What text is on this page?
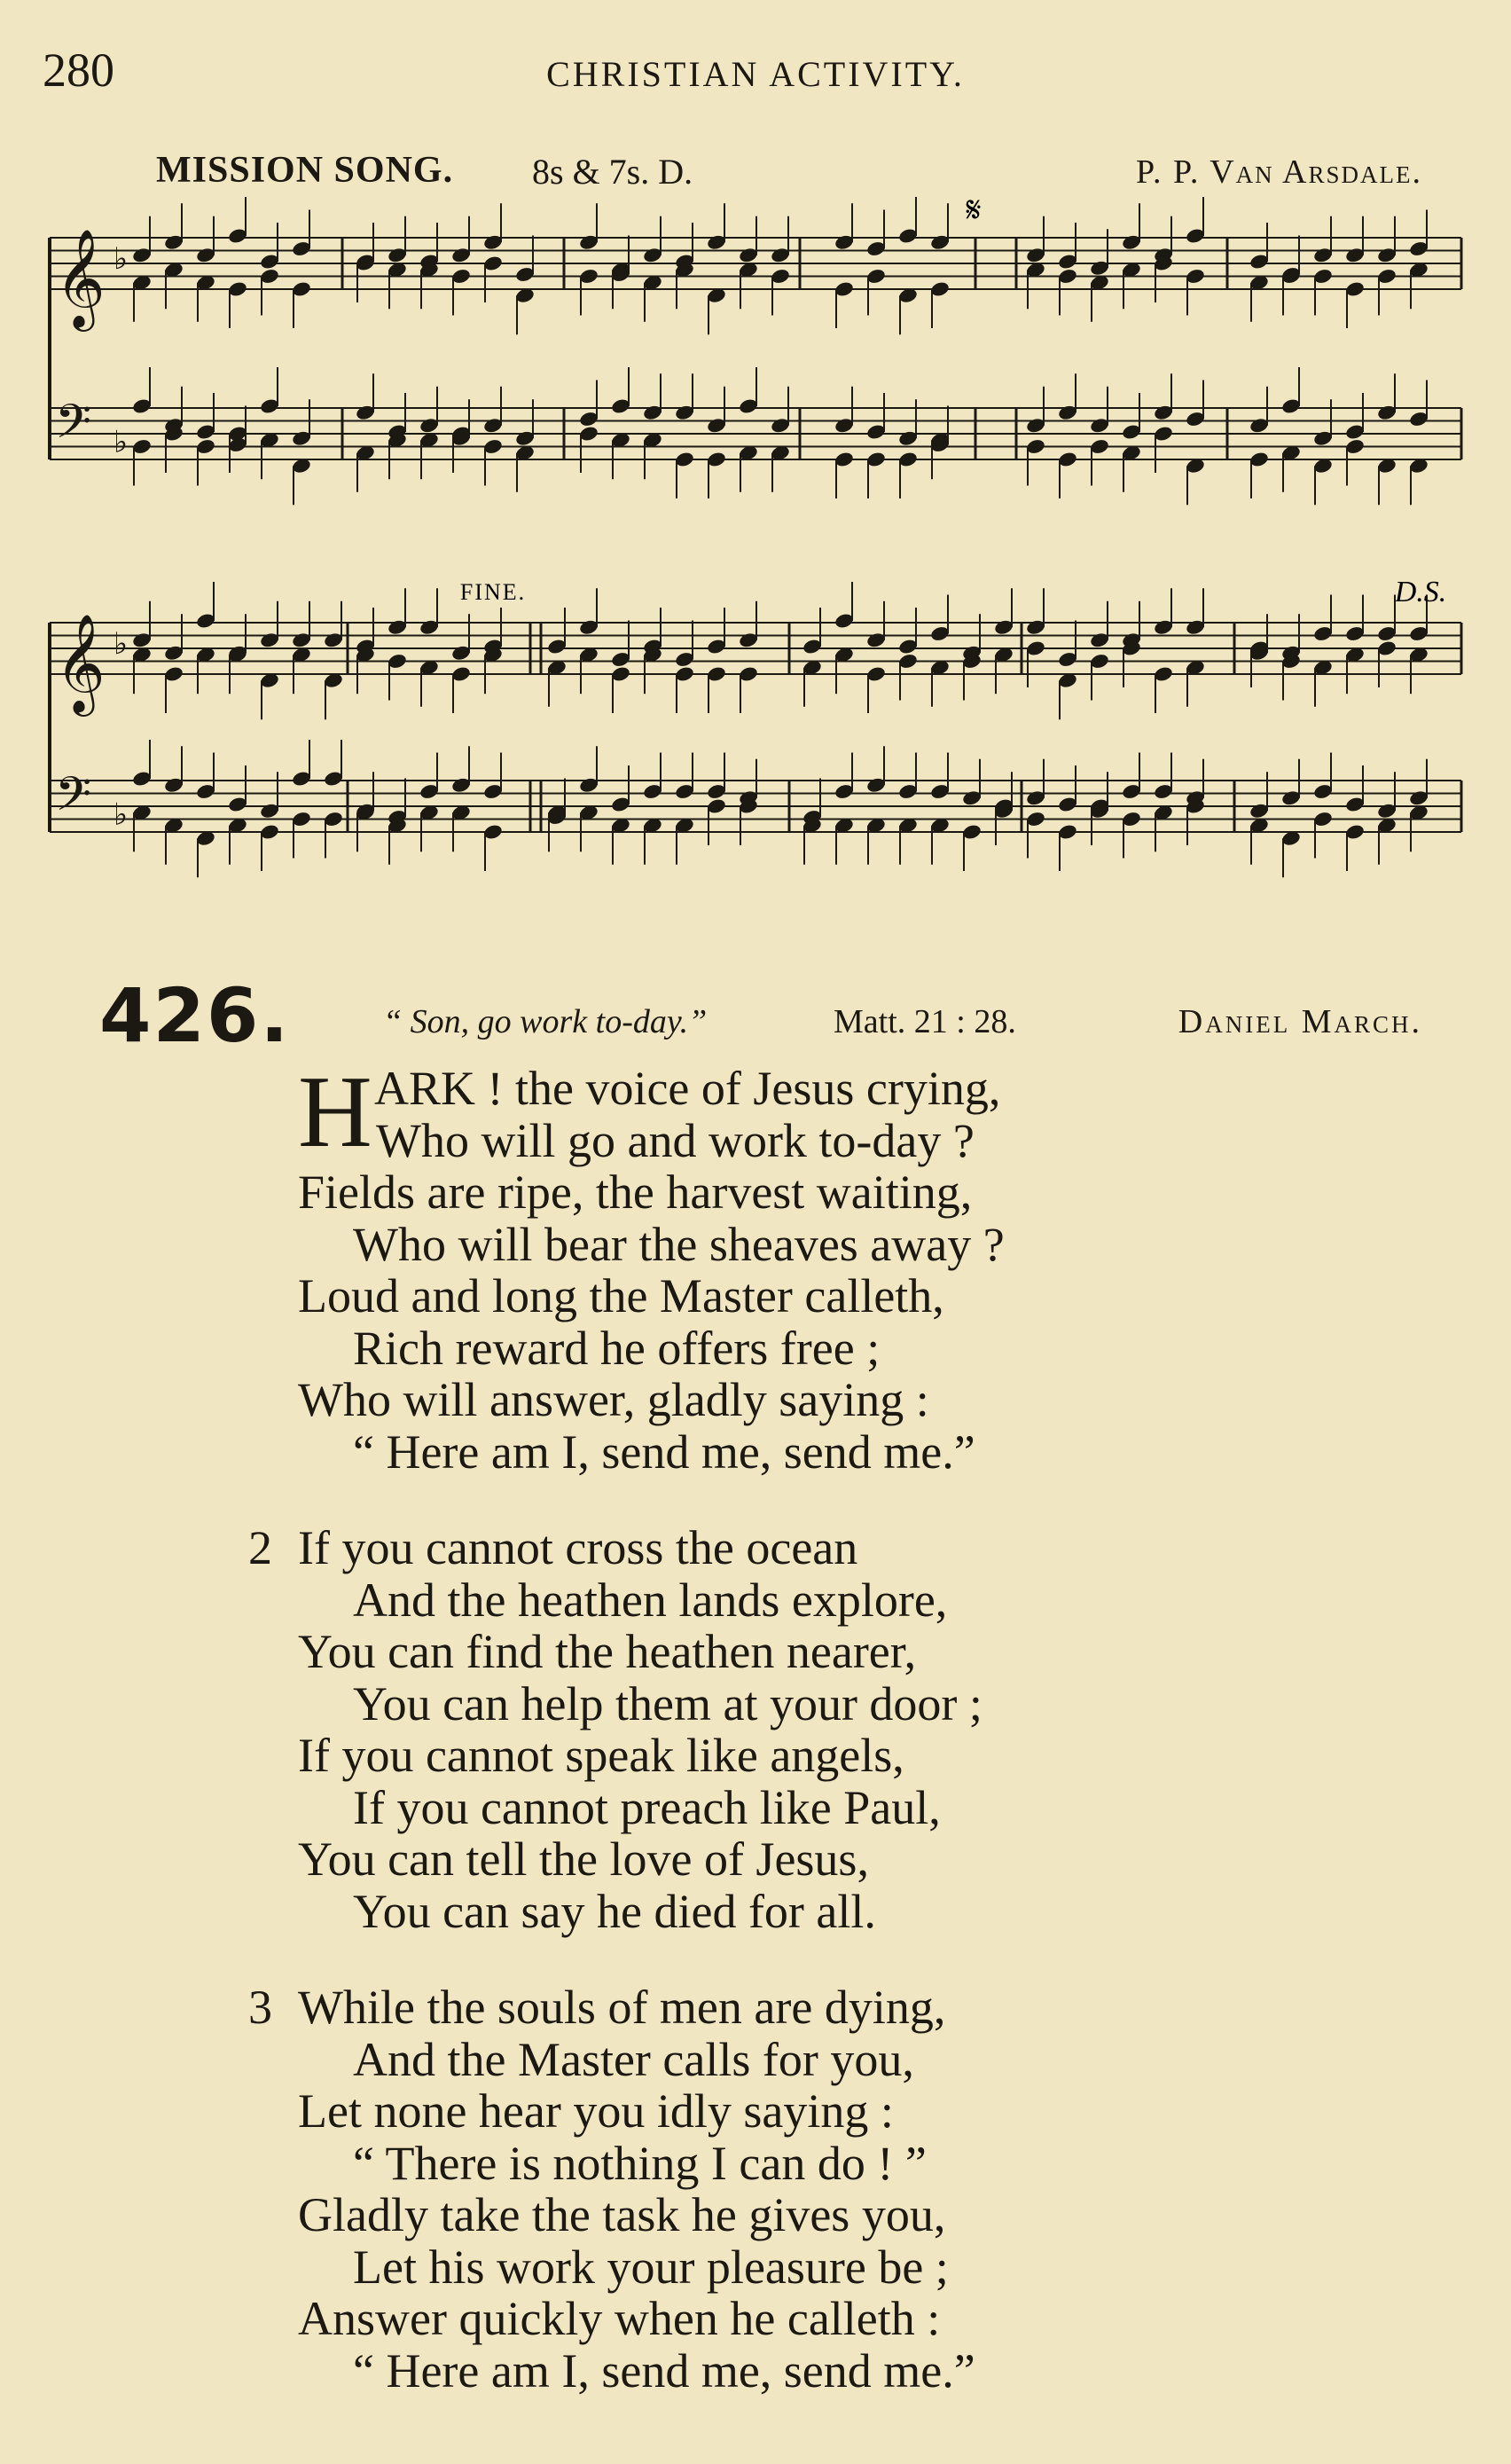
280	CHRISTIAN ACTIVITY.
MISSION SONG. 8s & 7s. D.	P. P. Van Arsdale.
𝄞 ♭
𝄢 ♭
𝄞 ♭
𝄢 ♭
𝄋
FINE.	D.S.
426.	“ Son, go work to-day.”	Matt. 21 : 28.	Daniel March.
H ARK ! the voice of Jesus crying,
Who will go and work to-day ?
Fields are ripe, the harvest waiting,
Who will bear the sheaves away ?
Loud and long the Master calleth,
Rich reward he offers free ;
Who will answer, gladly saying :
“ Here am I, send me, send me.”
2 If you cannot cross the ocean
And the heathen lands explore,
You can find the heathen nearer,
You can help them at your door ;
If you cannot speak like angels,
If you cannot preach like Paul,
You can tell the love of Jesus,
You can say he died for all.
3 While the souls of men are dying,
And the Master calls for you,
Let none hear you idly saying :
“ There is nothing I can do ! ”
Gladly take the task he gives you,
Let his work your pleasure be ;
Answer quickly when he calleth :
“ Here am I, send me, send me.”
